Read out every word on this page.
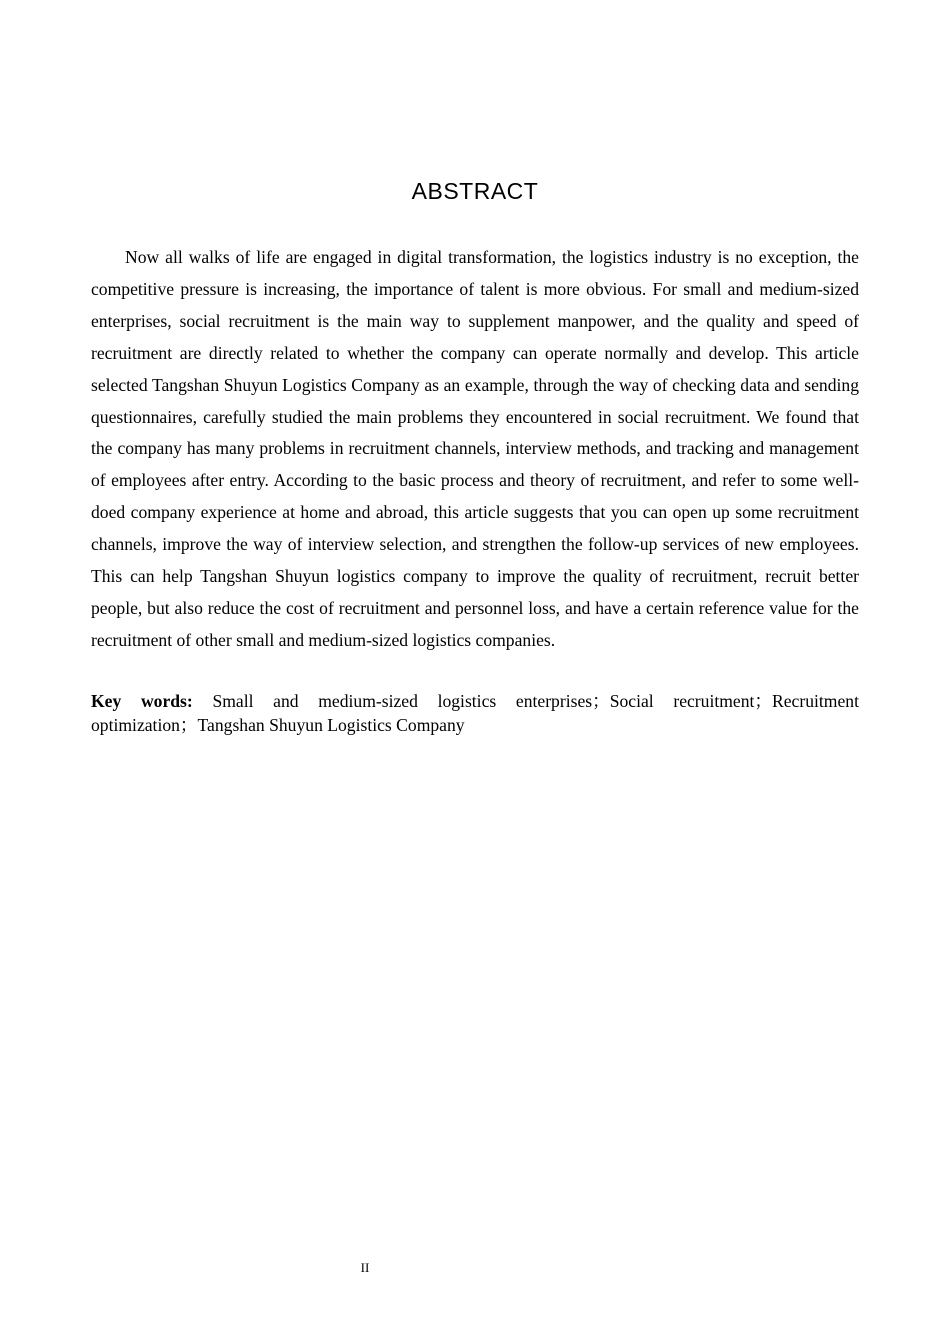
ABSTRACT

Now all walks of life are engaged in digital transformation, the logistics industry is no exception, the competitive pressure is increasing, the importance of talent is more obvious. For small and medium-sized enterprises, social recruitment is the main way to supplement manpower, and the quality and speed of recruitment are directly related to whether the company can operate normally and develop. This article selected Tangshan Shuyun Logistics Company as an example, through the way of checking data and sending questionnaires, carefully studied the main problems they encountered in social recruitment. We found that the company has many problems in recruitment channels, interview methods, and tracking and management of employees after entry. According to the basic process and theory of recruitment, and refer to some well-doed company experience at home and abroad, this article suggests that you can open up some recruitment channels, improve the way of interview selection, and strengthen the follow-up services of new employees. This can help Tangshan Shuyun logistics company to improve the quality of recruitment, recruit better people, but also reduce the cost of recruitment and personnel loss, and have a certain reference value for the recruitment of other small and medium-sized logistics companies.

Key words: Small and medium-sized logistics enterprises；Social recruitment；Recruitment optimization；Tangshan Shuyun Logistics Company

II
